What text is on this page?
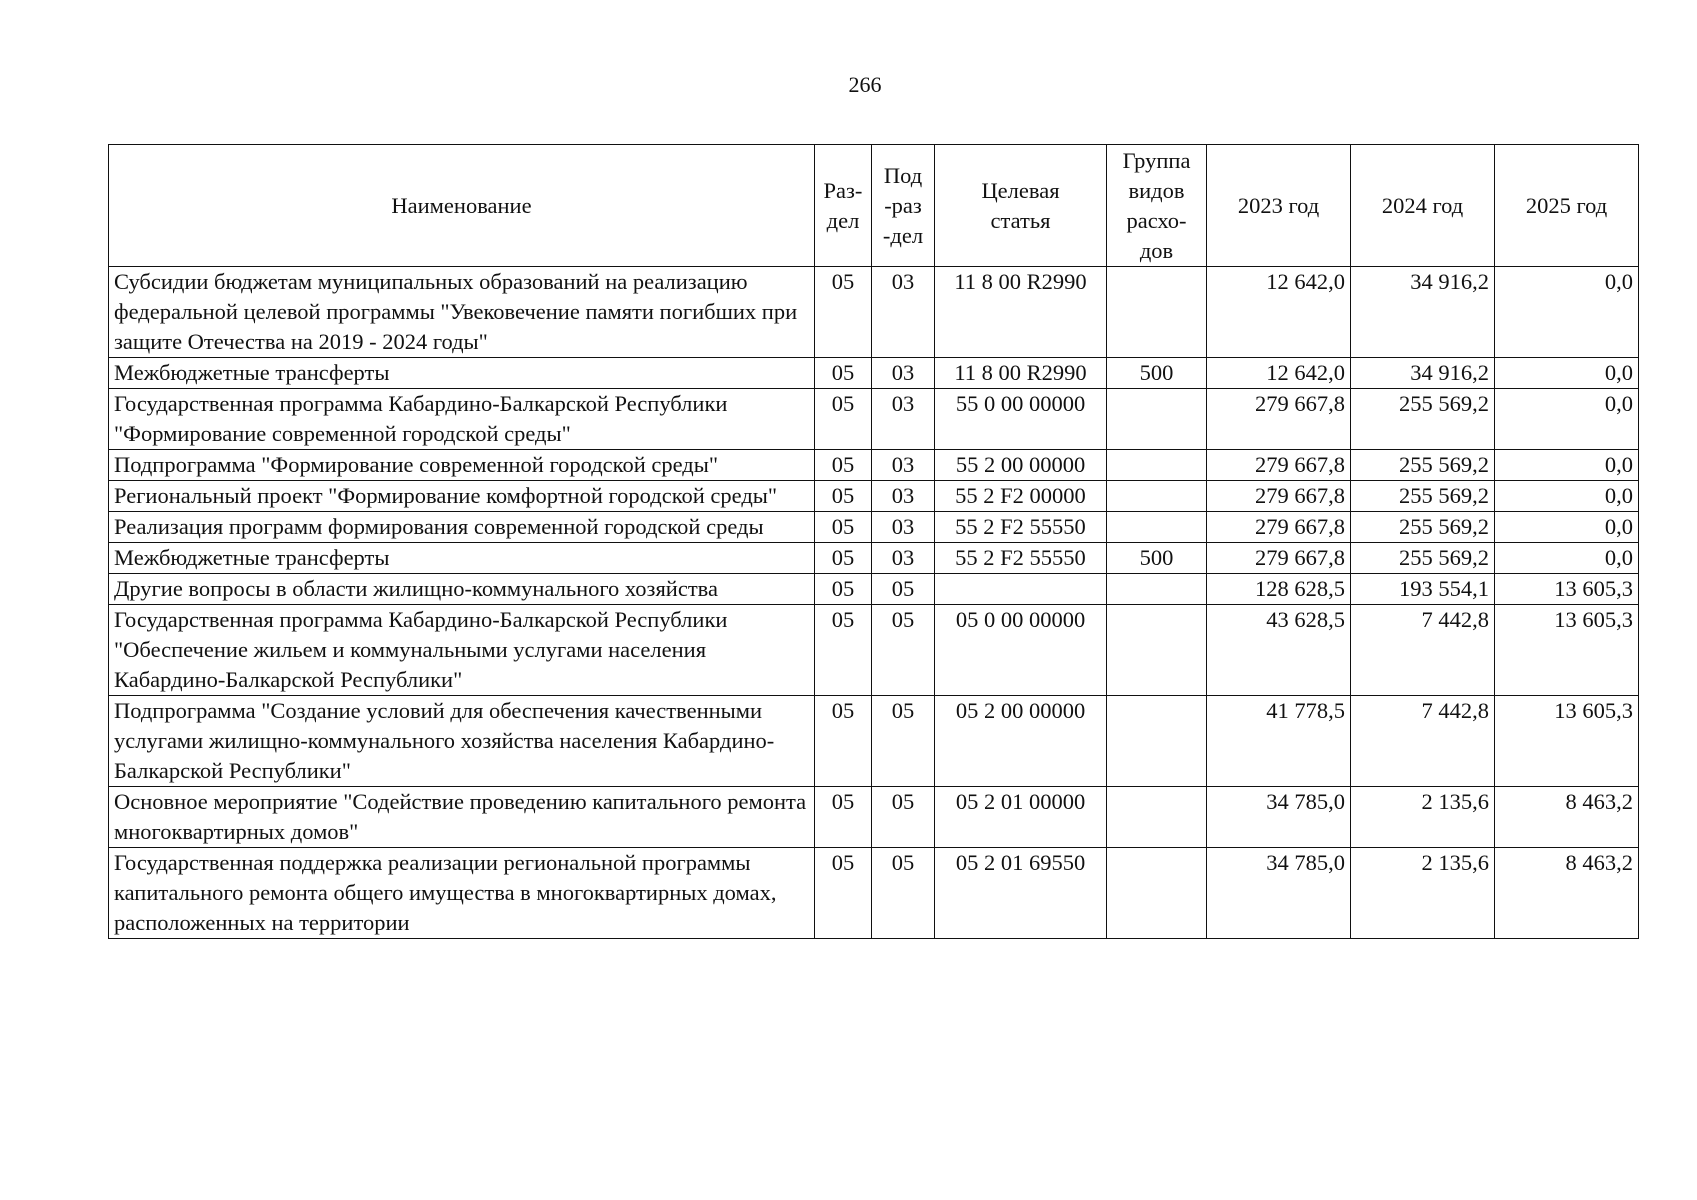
266
Наименование	Раз-дел	Под-раз-дел	Целевая статья	Группа видов расхо-дов	2023 год	2024 год	2025 год
Субсидии бюджетам муниципальных образований на реализацию федеральной целевой программы "Увековечение памяти погибших при защите Отечества на 2019 - 2024 годы"	05	03	11 8 00 R2990		12 642,0	34 916,2	0,0
Межбюджетные трансферты	05	03	11 8 00 R2990	500	12 642,0	34 916,2	0,0
Государственная программа Кабардино-Балкарской Республики "Формирование современной городской среды"	05	03	55 0 00 00000		279 667,8	255 569,2	0,0
Подпрограмма "Формирование современной городской среды"	05	03	55 2 00 00000		279 667,8	255 569,2	0,0
Региональный проект "Формирование комфортной городской среды"	05	03	55 2 F2 00000		279 667,8	255 569,2	0,0
Реализация программ формирования современной городской среды	05	03	55 2 F2 55550		279 667,8	255 569,2	0,0
Межбюджетные трансферты	05	03	55 2 F2 55550	500	279 667,8	255 569,2	0,0
Другие вопросы в области жилищно-коммунального хозяйства	05	05			128 628,5	193 554,1	13 605,3
Государственная программа Кабардино-Балкарской Республики "Обеспечение жильем и коммунальными услугами населения Кабардино-Балкарской Республики"	05	05	05 0 00 00000		43 628,5	7 442,8	13 605,3
Подпрограмма "Создание условий для обеспечения качественными услугами жилищно-коммунального хозяйства населения Кабардино-Балкарской Республики"	05	05	05 2 00 00000		41 778,5	7 442,8	13 605,3
Основное мероприятие "Содействие проведению капитального ремонта многоквартирных домов"	05	05	05 2 01 00000		34 785,0	2 135,6	8 463,2
Государственная поддержка реализации региональной программы капитального ремонта общего имущества в многоквартирных домах, расположенных на территории	05	05	05 2 01 69550		34 785,0	2 135,6	8 463,2
